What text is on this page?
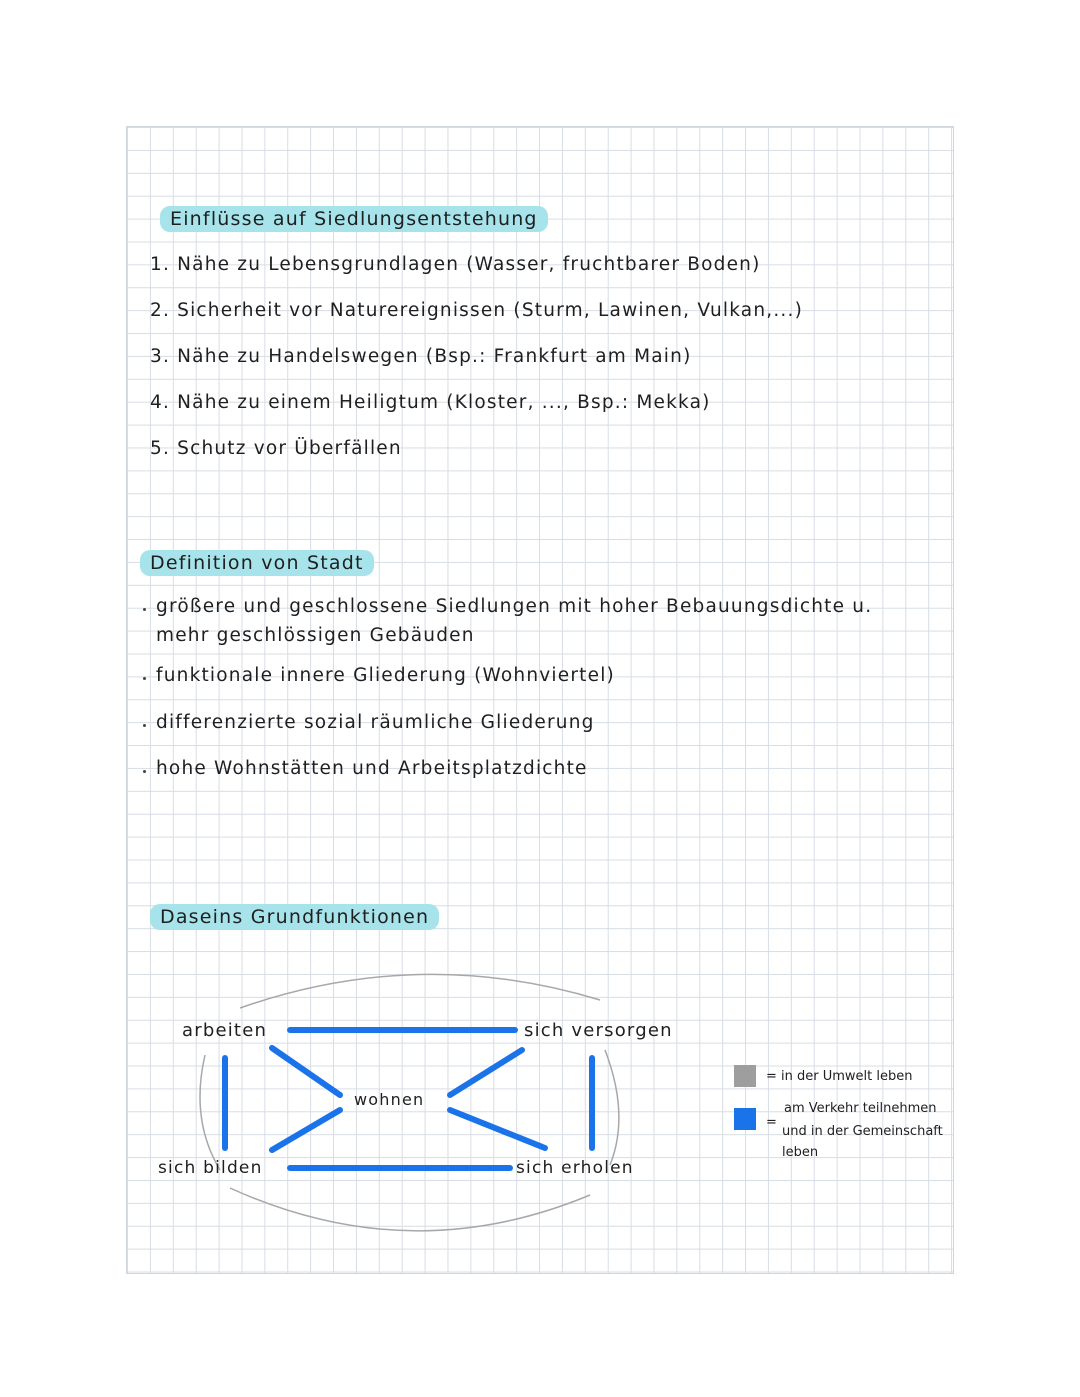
Einflüsse auf Siedlungsentstehung
1. Nähe zu Lebensgrundlagen (Wasser, fruchtbarer Boden)
2. Sicherheit vor Naturereignissen (Sturm, Lawinen, Vulkan,...)
3. Nähe zu Handelswegen (Bsp.: Frankfurt am Main)
4. Nähe zu einem Heiligtum (Kloster, ..., Bsp.: Mekka)
5. Schutz vor Überfällen
Definition von Stadt
größere und geschlossene Siedlungen mit hoher Bebauungsdichte u.
mehr geschlössigen Gebäuden
funktionale innere Gliederung (Wohnviertel)
differenzierte sozial räumliche Gliederung
hohe Wohnstätten und Arbeitsplatzdichte
Daseins Grundfunktionen
arbeiten	sich versorgen
wohnen
sich bilden	sich erholen
= in der Umwelt leben
=
am Verkehr teilnehmen
und in der Gemeinschaft
leben
